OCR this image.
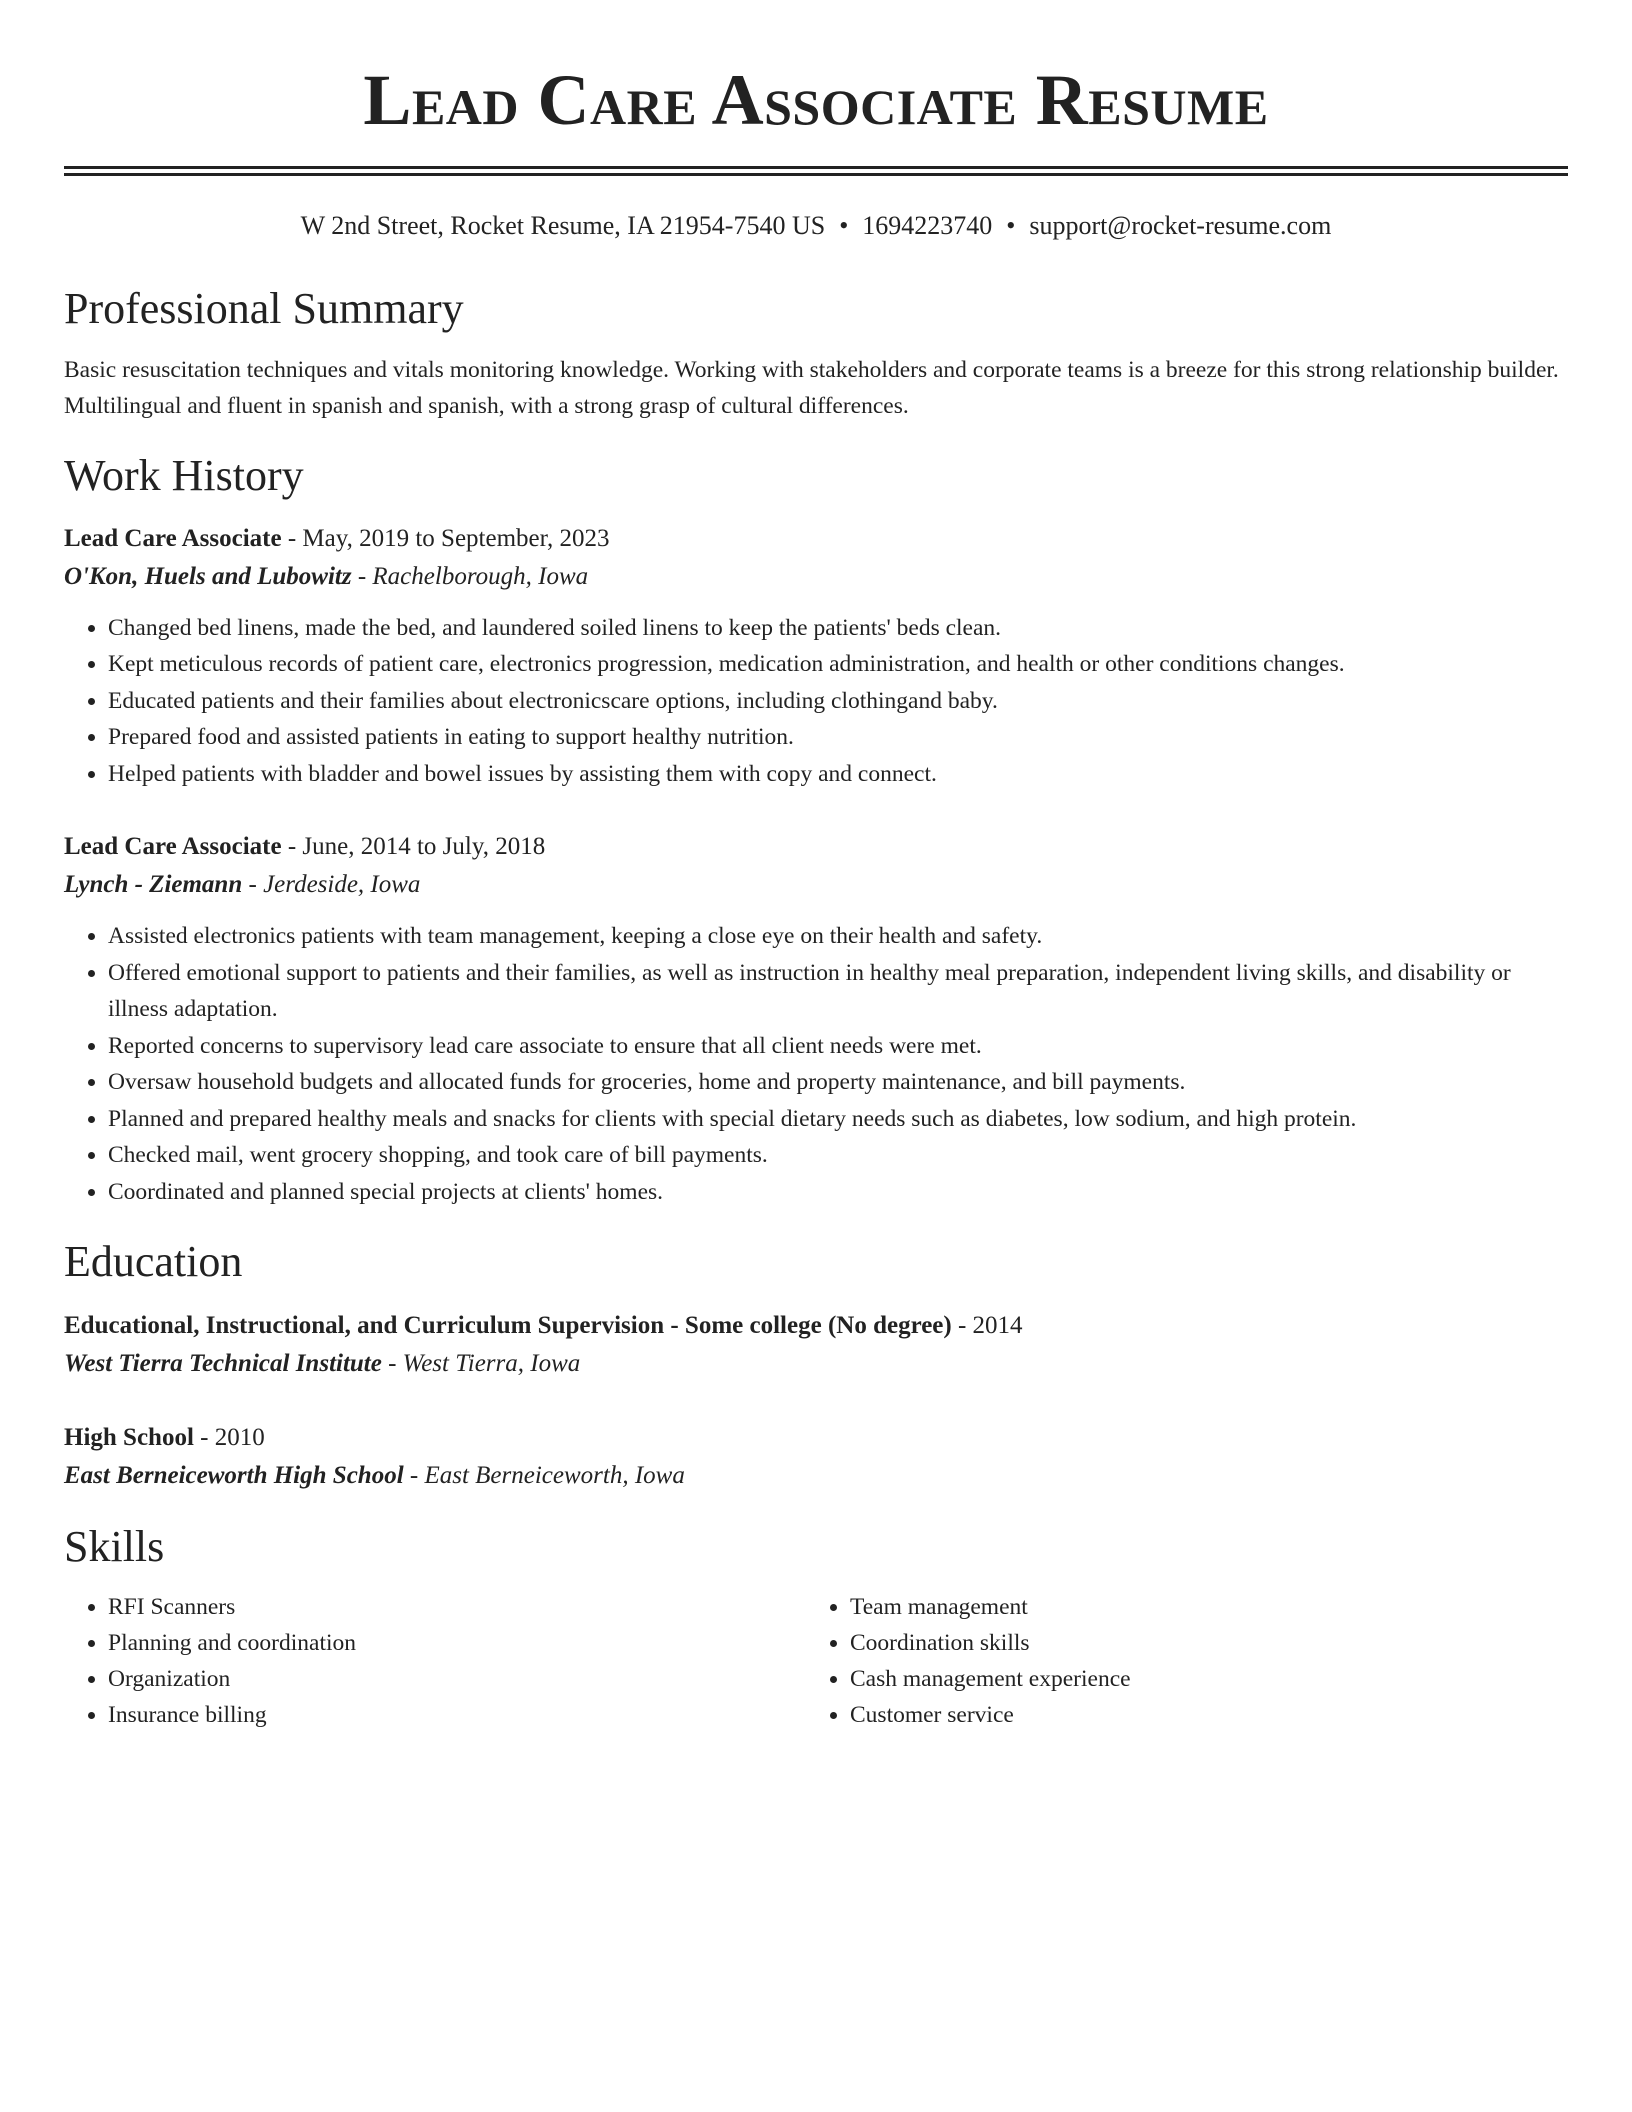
Lead Care Associate Resume
W 2nd Street, Rocket Resume, IA 21954-7540 US • 1694223740 • support@rocket-resume.com
Professional Summary

Basic resuscitation techniques and vitals monitoring knowledge. Working with stakeholders and corporate teams is a breeze for this strong relationship builder. Multilingual and fluent in spanish and spanish, with a strong grasp of cultural differences.

Work History
Lead Care Associate - May, 2019 to September, 2023
O'Kon, Huels and Lubowitz - Rachelborough, Iowa
• Changed bed linens, made the bed, and laundered soiled linens to keep the patients' beds clean.
• Kept meticulous records of patient care, electronics progression, medication administration, and health or other conditions changes.
• Educated patients and their families about electronicscare options, including clothingand baby.
• Prepared food and assisted patients in eating to support healthy nutrition.
• Helped patients with bladder and bowel issues by assisting them with copy and connect.
Lead Care Associate - June, 2014 to July, 2018
Lynch - Ziemann - Jerdeside, Iowa
• Assisted electronics patients with team management, keeping a close eye on their health and safety.
• Offered emotional support to patients and their families, as well as instruction in healthy meal preparation, independent living skills, and disability or illness adaptation.
• Reported concerns to supervisory lead care associate to ensure that all client needs were met.
• Oversaw household budgets and allocated funds for groceries, home and property maintenance, and bill payments.
• Planned and prepared healthy meals and snacks for clients with special dietary needs such as diabetes, low sodium, and high protein.
• Checked mail, went grocery shopping, and took care of bill payments.
• Coordinated and planned special projects at clients' homes.
Education
Educational, Instructional, and Curriculum Supervision - Some college (No degree) - 2014
West Tierra Technical Institute - West Tierra, Iowa
High School - 2010
East Berneiceworth High School - East Berneiceworth, Iowa
Skills
• RFI Scanners
• Planning and coordination
• Organization
• Insurance billing
• Team management
• Coordination skills
• Cash management experience
• Customer service
